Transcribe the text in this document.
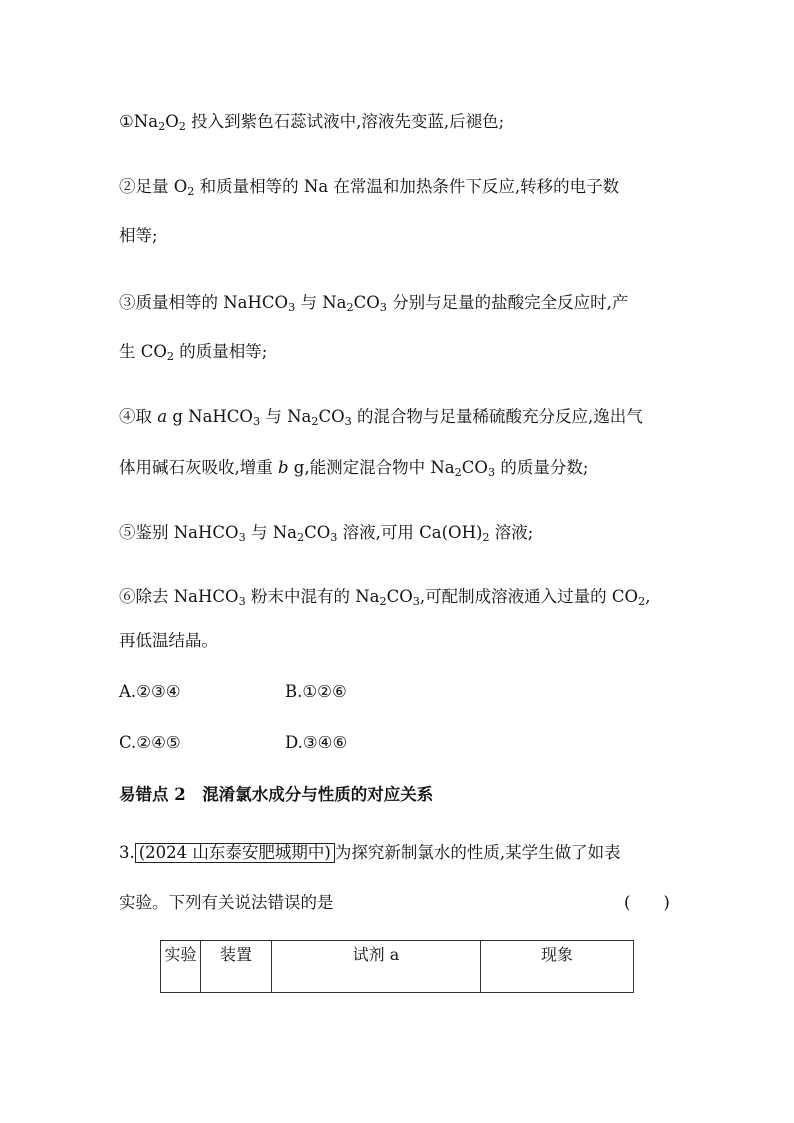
$①Na_2O_2$ 投入到紫色石蕊试液中,溶液先变蓝,后褪色;
②足量 $O_2$ 和质量相等的 Na 在常温和加热条件下反应,转移的电子数
相等;
③质量相等的 NaHCO$_3$ 与 $Na_2CO_3$ 分别与足量的盐酸完全反应时,产
生 $CO_2$ 的质量相等;
④取 a g NaHCO$_3$ 与 $Na_2CO_3$ 的混合物与足量稀硫酸充分反应,逸出气
体用碱石灰吸收,增重 b g,能测定混合物中 $Na_2CO_3$ 的质量分数;
⑤鉴别 NaHCO$_3$ 与 $Na_2CO_3$ 溶液,可用 $Ca(OH)_2$ 溶液;
⑥除去 NaHCO$_3$ 粉末中混有的 $Na_2CO_3$,可配制成溶液通入过量的 $CO_2$,
再低温结晶。
A.②③④	B.①②⑥
C.②④⑤	D.③④⑥
易错点 2　混淆氯水成分与性质的对应关系
3. (2024 山东泰安肥城期中) 为探究新制氯水的性质,某学生做了如表
实验。下列有关说法错误的是	(　　)
实验	装置	试剂 a	现象
